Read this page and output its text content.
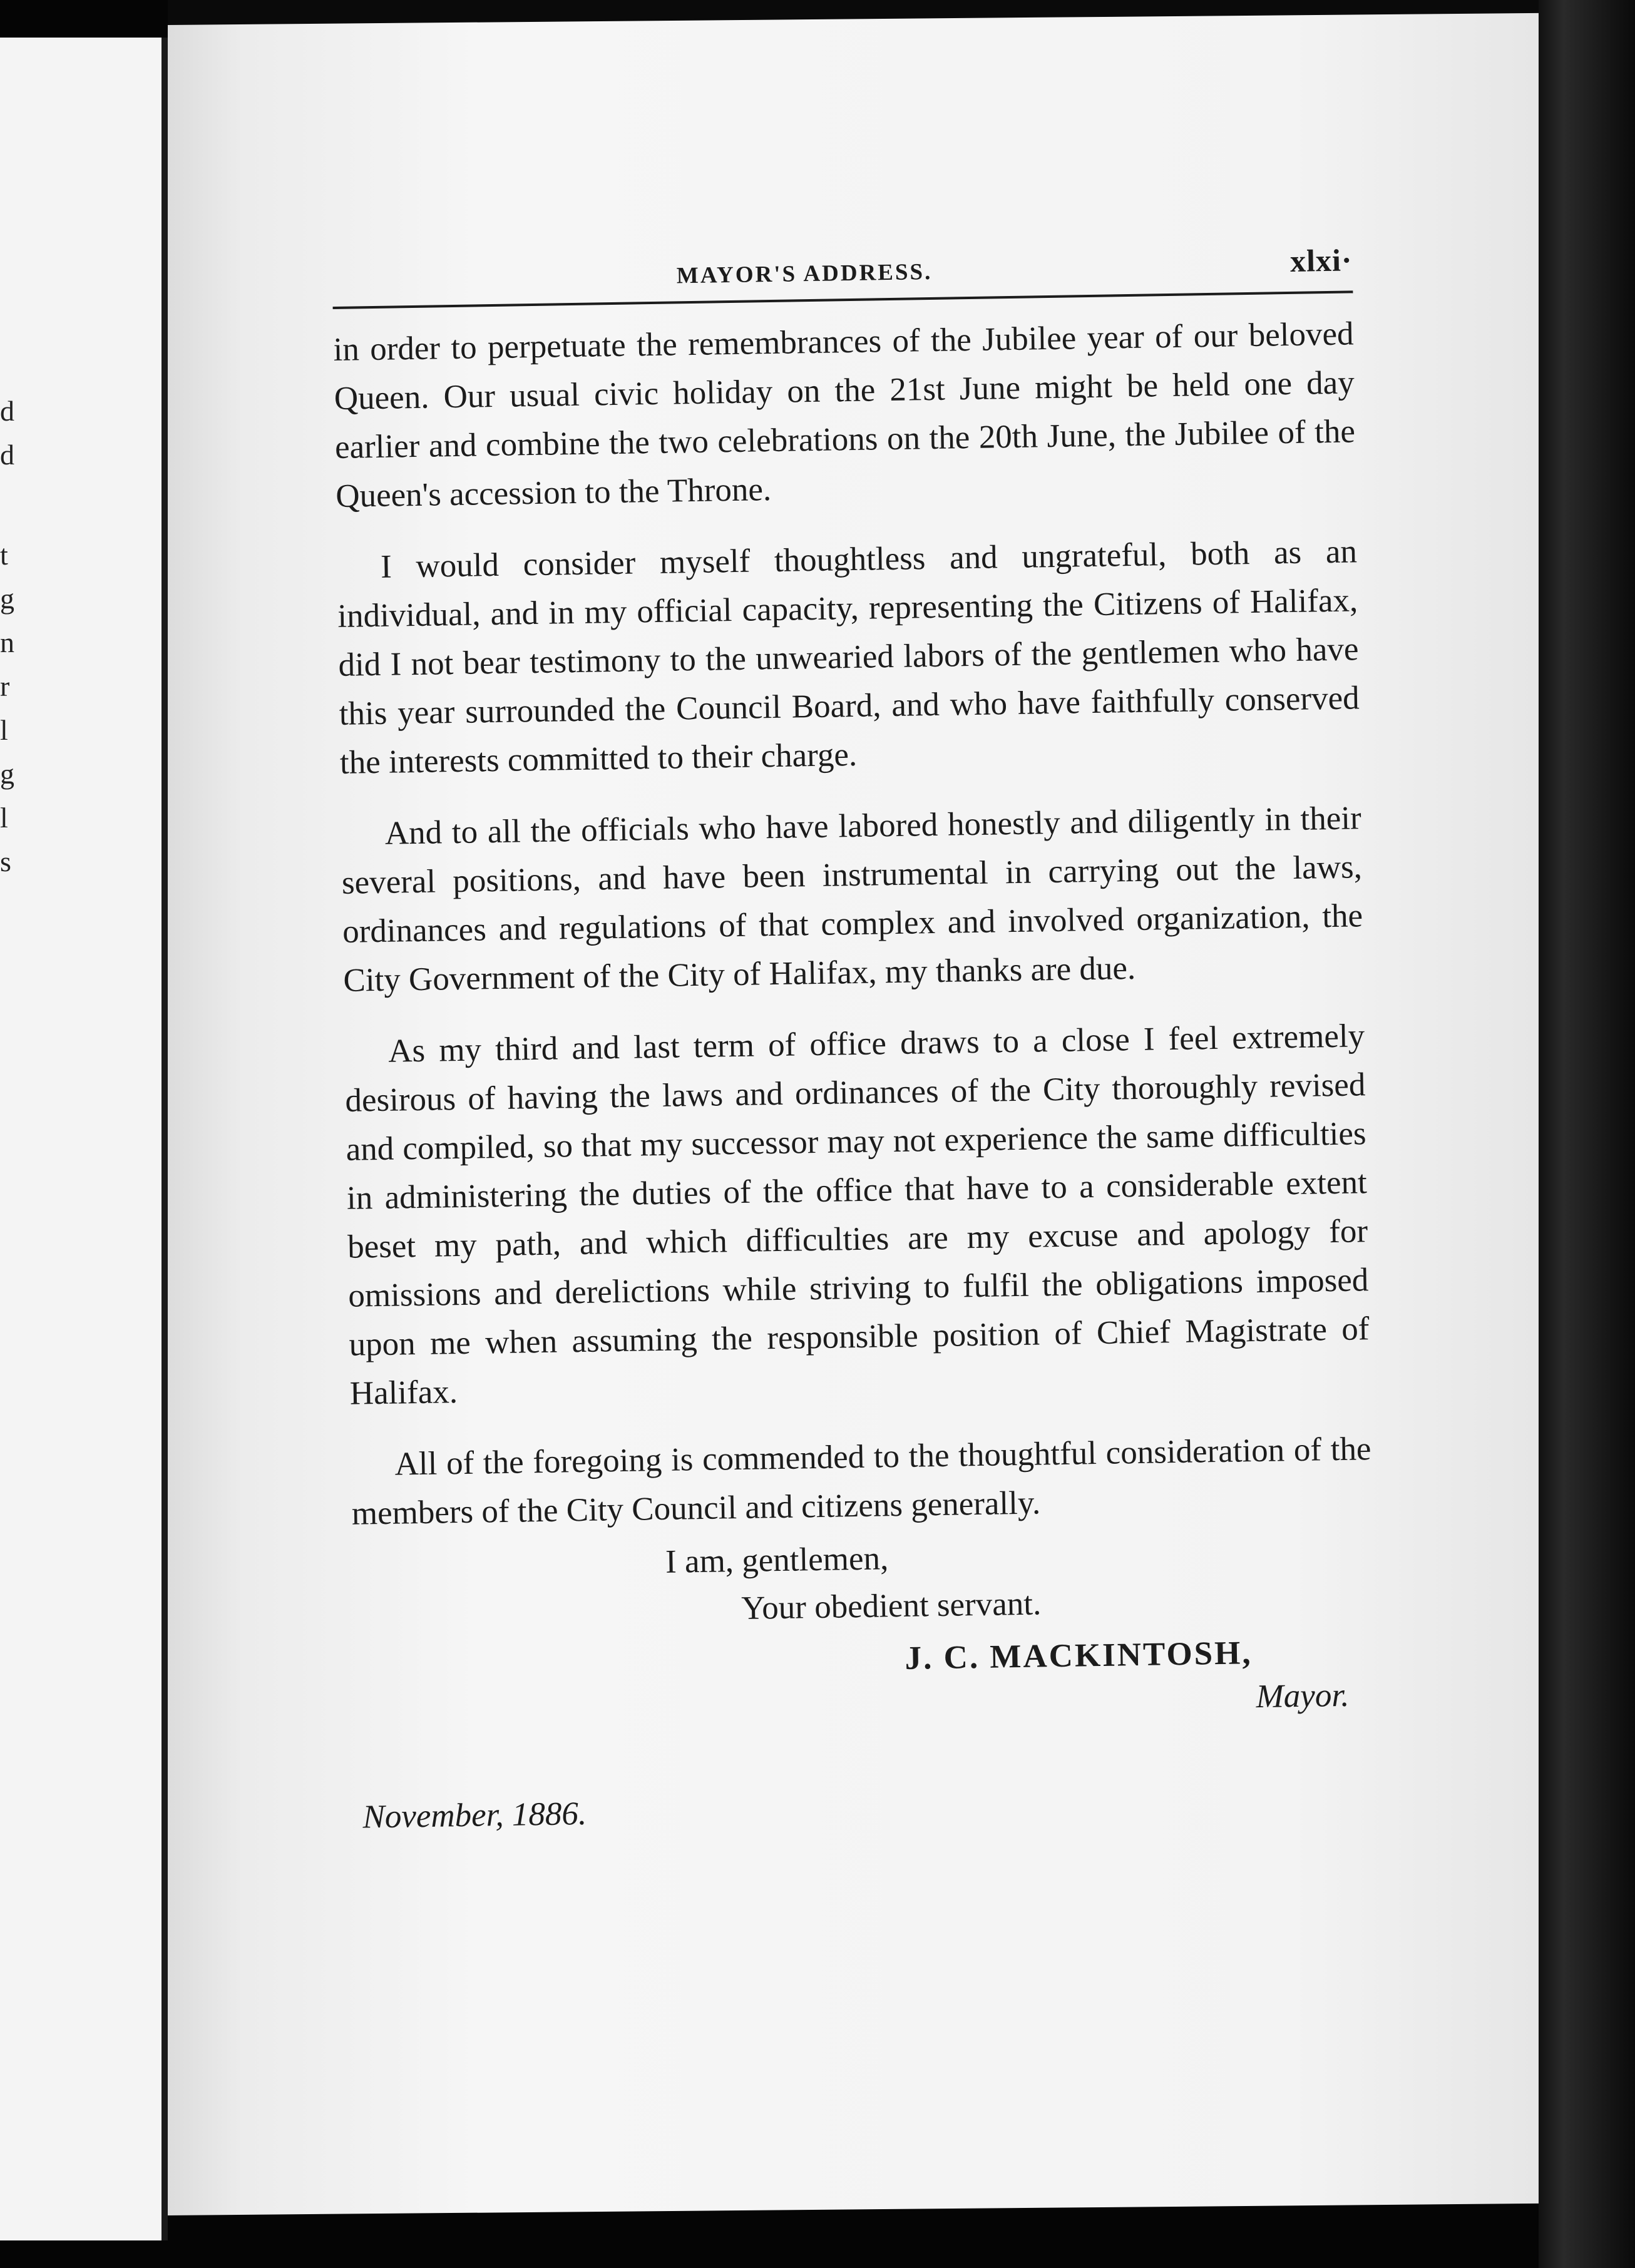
d
d
t
g
n
r
l
g
l
s
MAYOR'S ADDRESS.	xlxi·

in order to perpetuate the remembrances of the Jubilee year of our beloved Queen. Our usual civic holiday on the 21st June might be held one day earlier and combine the two celebrations on the 20th June, the Jubilee of the Queen's accession to the Throne.

I would consider myself thoughtless and ungrateful, both as an individual, and in my official capacity, representing the Citizens of Halifax, did I not bear testimony to the unwearied labors of the gentlemen who have this year surrounded the Council Board, and who have faithfully conserved the interests committed to their charge.

And to all the officials who have labored honestly and diligently in their several positions, and have been instrumental in carrying out the laws, ordinances and regulations of that complex and involved organization, the City Government of the City of Halifax, my thanks are due.

As my third and last term of office draws to a close I feel extremely desirous of having the laws and ordinances of the City thoroughly revised and compiled, so that my successor may not experience the same difficulties in administering the duties of the office that have to a considerable extent beset my path, and which difficulties are my excuse and apology for omissions and derelictions while striving to fulfil the obligations imposed upon me when assuming the responsible position of Chief Magistrate of Halifax.

All of the foregoing is commended to the thoughtful consideration of the members of the City Council and citizens generally.

I am, gentlemen,
Your obedient servant.
J. C. MACKINTOSH,
Mayor.
November, 1886.
